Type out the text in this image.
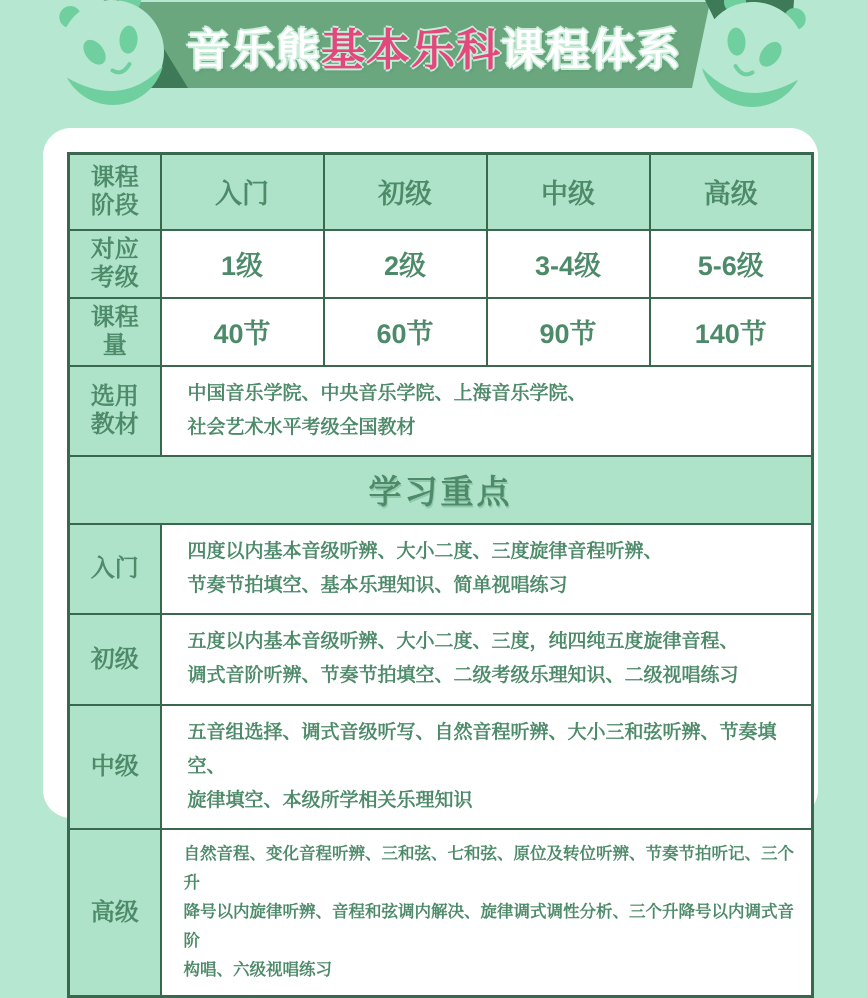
音乐熊 基本乐科 课程体系
课程阶段	入门	初级	中级	高级
对应考级	1级	2级	3-4级	5-6级
课程量	40节	60节	90节	140节
选用教材	中国音乐学院、中央音乐学院、上海音乐学院、
社会艺术水平考级全国教材			

学习重点				
入门	四度以内基本音级听辨、大小二度、三度旋律音程听辨、
节奏节拍填空、基本乐理知识、简单视唱练习			

初级	五度以内基本音级听辨、大小二度、三度，纯四纯五度旋律音程、
调式音阶听辨、节奏节拍填空、二级考级乐理知识、二级视唱练习			

中级	五音组选择、调式音级听写、自然音程听辨、大小三和弦听辨、节奏填空、
旋律填空、本级所学相关乐理知识			

高级	自然音程、变化音程听辨、三和弦、七和弦、原位及转位听辨、节奏节拍听记、三个升
降号以内旋律听辨、音程和弦调内解决、旋律调式调性分析、三个升降号以内调式音阶
构唱、六级视唱练习			
